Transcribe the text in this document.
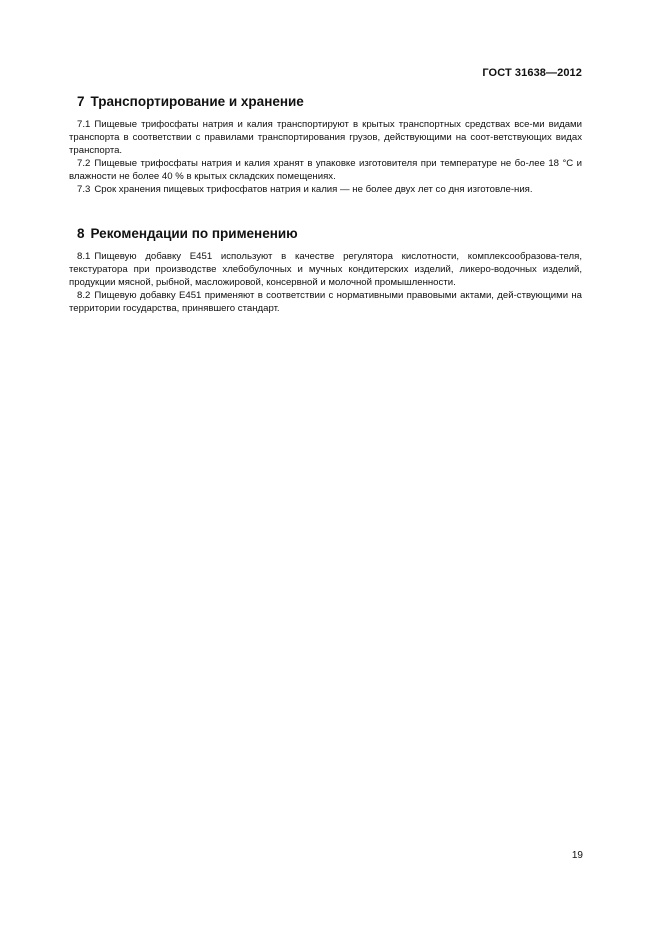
ГОСТ 31638—2012
7 Транспортирование и хранение

7.1 Пищевые трифосфаты натрия и калия транспортируют в крытых транспортных средствах все-ми видами транспорта в соответствии с правилами транспортирования грузов, действующими на соот-ветствующих видах транспорта.

7.2 Пищевые трифосфаты натрия и калия хранят в упаковке изготовителя при температуре не бо-лее 18 °С и влажности не более 40 % в крытых складских помещениях.

7.3 Срок хранения пищевых трифосфатов натрия и калия — не более двух лет со дня изготовле-ния.

8 Рекомендации по применению

8.1 Пищевую добавку Е451 используют в качестве регулятора кислотности, комплексообразова-теля, текстуратора при производстве хлебобулочных и мучных кондитерских изделий, ликеро-водочных изделий, продукции мясной, рыбной, масложировой, консервной и молочной промышленности.

8.2 Пищевую добавку Е451 применяют в соответствии с нормативными правовыми актами, дей-ствующими на территории государства, принявшего стандарт.

19
